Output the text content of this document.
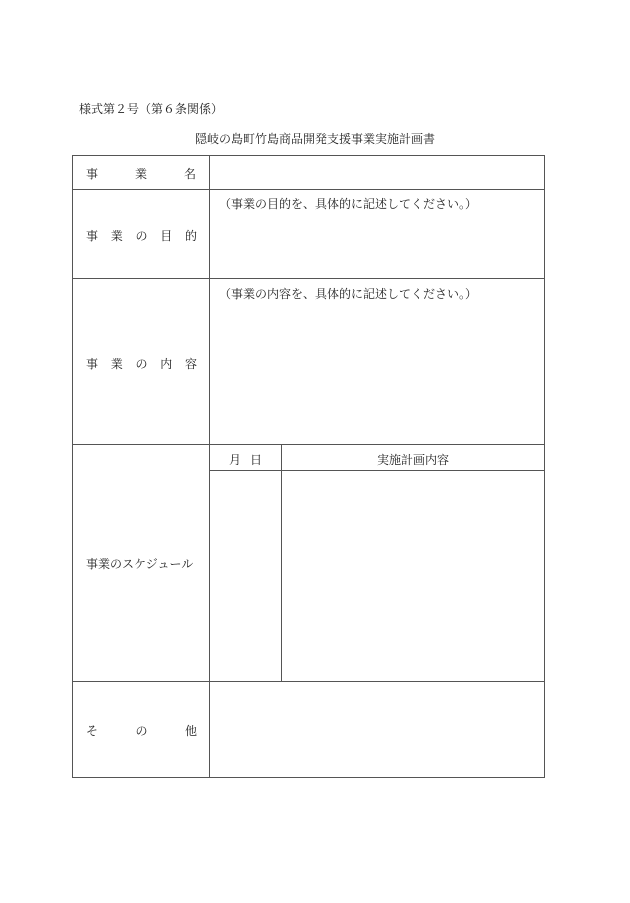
様式第２号（第６条関係）
隠岐の島町竹島商品開発支援事業実施計画書
事	業	名
事 業 の 目 的
（事業の目的を、具体的に記述してください。）
事 業 の 内 容
（事業の内容を、具体的に記述してください。）
事業のスケジュール
月 日	実施計画内容
そ	の	他
